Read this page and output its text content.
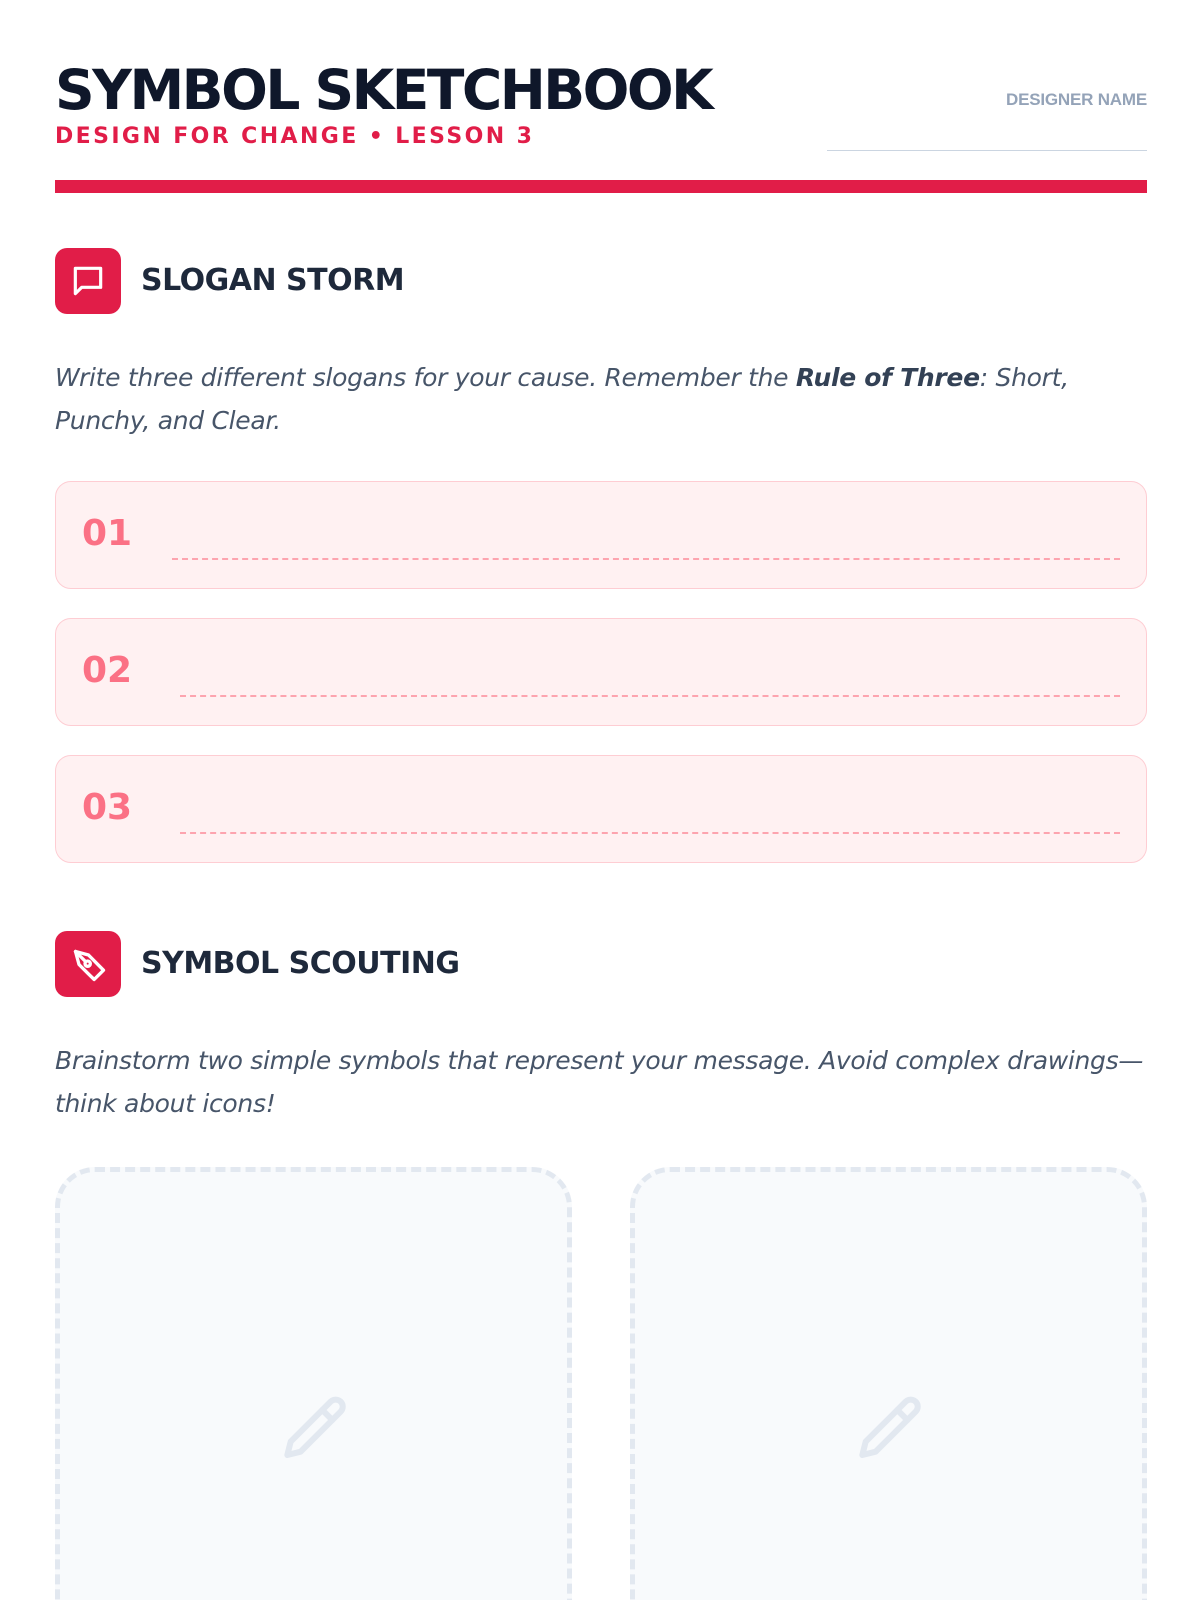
SYMBOL SKETCHBOOK
DESIGN FOR CHANGE • LESSON 3
DESIGNER NAME
SLOGAN STORM
Write three different slogans for your cause. Remember the Rule of Three: Short, Punchy, and Clear.
01
02
03
SYMBOL SCOUTING
Brainstorm two simple symbols that represent your message. Avoid complex drawings—think about icons!
